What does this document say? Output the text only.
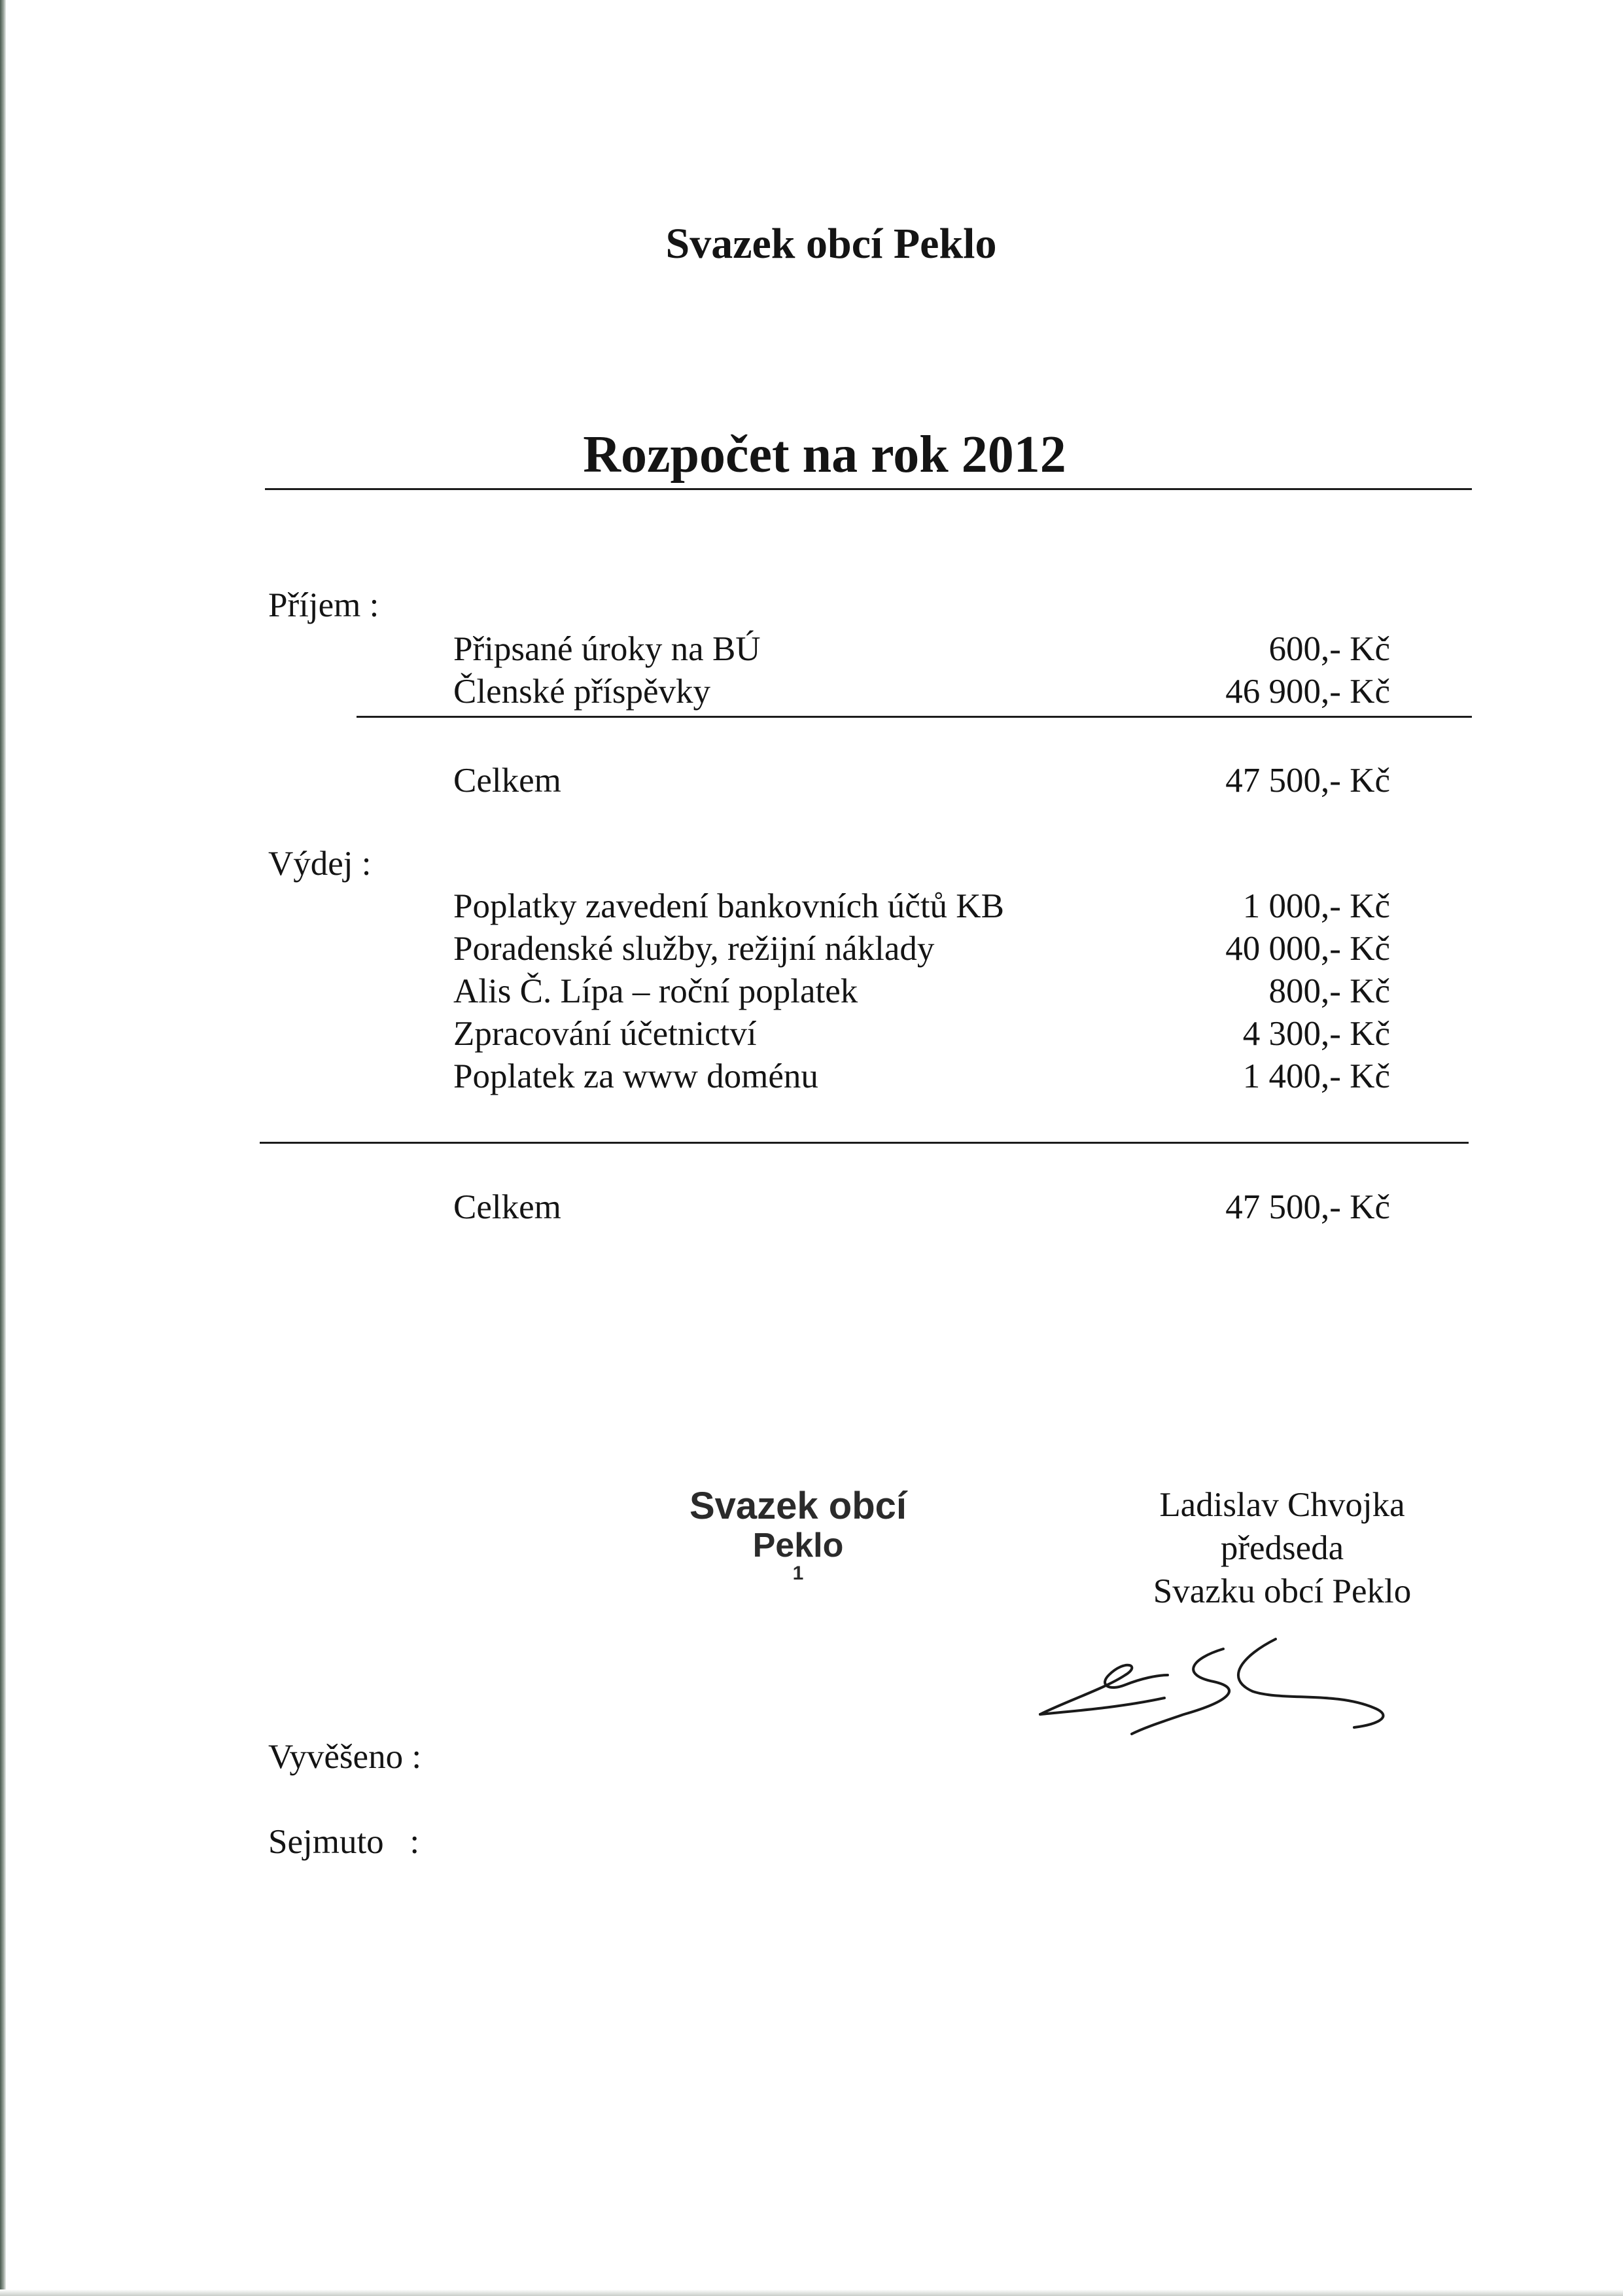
Svazek obcí Peklo
Rozpočet na rok 2012
Příjem :
Připsané úroky na BÚ	600,- Kč
Členské příspěvky	46 900,- Kč
Celkem	47 500,- Kč
Výdej :
Poplatky zavedení bankovních účtů KB	1 000,- Kč
Poradenské služby, režijní náklady	40 000,- Kč
Alis Č. Lípa – roční poplatek	800,- Kč
Zpracování účetnictví	4 300,- Kč
Poplatek za www doménu	1 400,- Kč
Celkem	47 500,- Kč
Svazek obcí
Peklo
1
Ladislav Chvojka
předseda
Svazku obcí Peklo
Vyvěšeno :
Sejmuto   :
